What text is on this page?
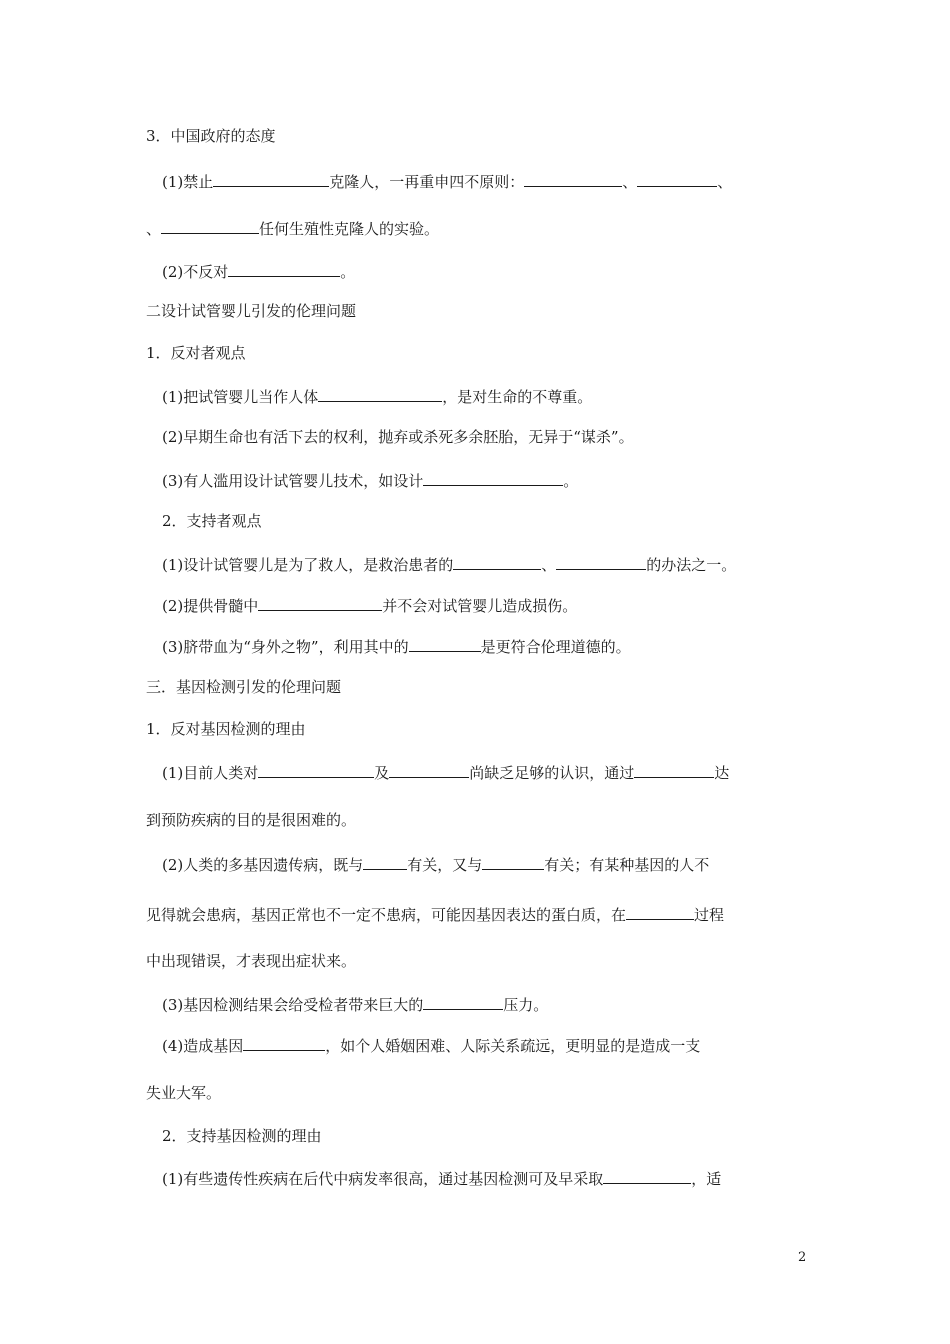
3．中国政府的态度
(1)禁止	克隆人，一再重申四不原则：	、	、
、	任何生殖性克隆人的实验。
(2)不反对	。
二设计试管婴儿引发的伦理问题
1．反对者观点
(1)把试管婴儿当作人体	，是对生命的不尊重。
(2)早期生命也有活下去的权利，抛弃或杀死多余胚胎，无异于“谋杀”。
(3)有人滥用设计试管婴儿技术，如设计	。
2．支持者观点
(1)设计试管婴儿是为了救人，是救治患者的	、	的办法之一。
(2)提供骨髓中	并不会对试管婴儿造成损伤。
(3)脐带血为“身外之物”，利用其中的	是更符合伦理道德的。
三．基因检测引发的伦理问题
1．反对基因检测的理由
(1)目前人类对	及	尚缺乏足够的认识，通过	达
到预防疾病的目的是很困难的。
(2)人类的多基因遗传病，既与	有关，又与	有关；有某种基因的人不
见得就会患病，基因正常也不一定不患病，可能因基因表达的蛋白质，在	过程
中出现错误，才表现出症状来。
(3)基因检测结果会给受检者带来巨大的	压力。
(4)造成基因	，如个人婚姻困难、人际关系疏远，更明显的是造成一支
失业大军。
2．支持基因检测的理由
(1)有些遗传性疾病在后代中病发率很高，通过基因检测可及早采取	，适
2
